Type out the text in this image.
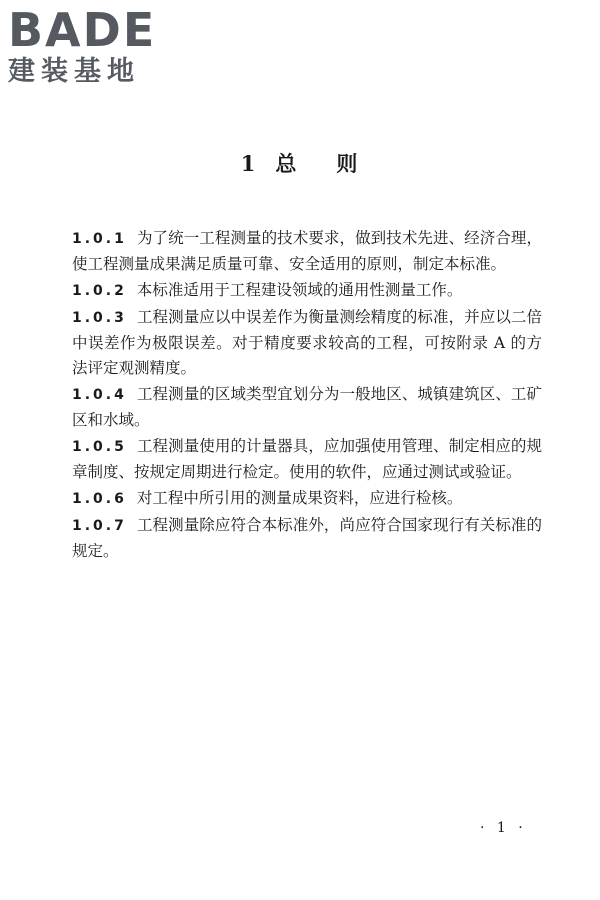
BADE
建装基地
1 总 则

1.0.1 为了统一工程测量的技术要求，做到技术先进、经济合理，使工程测量成果满足质量可靠、安全适用的原则，制定本标准。

1.0.2 本标准适用于工程建设领域的通用性测量工作。

1.0.3 工程测量应以中误差作为衡量测绘精度的标准，并应以二倍中误差作为极限误差。对于精度要求较高的工程，可按附录 A 的方法评定观测精度。

1.0.4 工程测量的区域类型宜划分为一般地区、城镇建筑区、工矿区和水域。

1.0.5 工程测量使用的计量器具，应加强使用管理、制定相应的规章制度、按规定周期进行检定。使用的软件，应通过测试或验证。

1.0.6 对工程中所引用的测量成果资料，应进行检核。

1.0.7 工程测量除应符合本标准外，尚应符合国家现行有关标准的规定。

· 1 ·
